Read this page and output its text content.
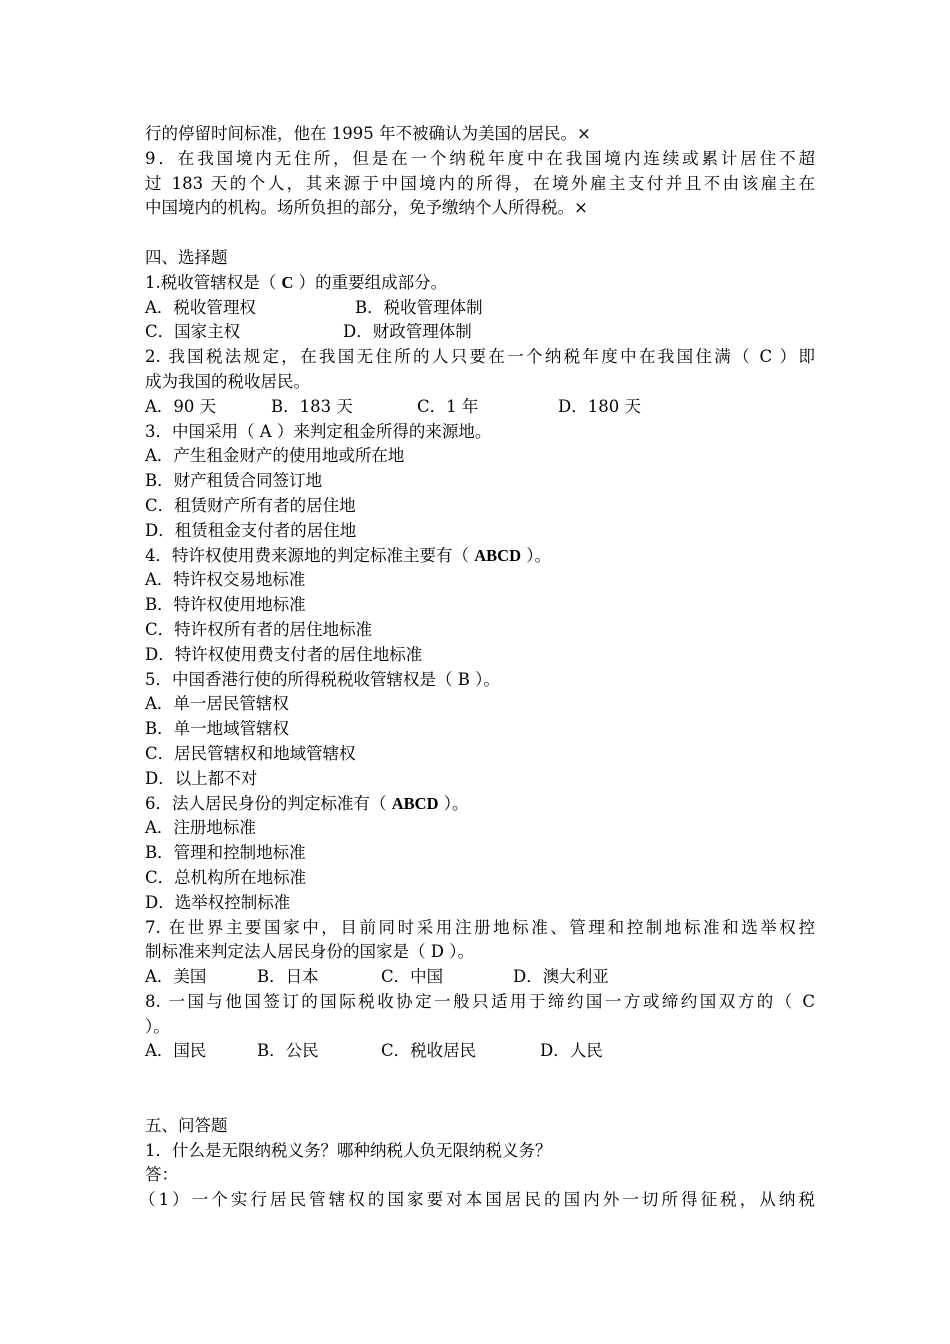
行的停留时间标准，他在 1995 年不被确认为美国的居民。×
9．在我国境内无住所，但是在一个纳税年度中在我国境内连续或累计居住不超
过 183 天的个人，其来源于中国境内的所得，在境外雇主支付并且不由该雇主在
中国境内的机构。场所负担的部分，免予缴纳个人所得税。×
四、选择题
1.税收管辖权是（ C ）的重要组成部分。
A．税收管理权	B．税收管理体制
C．国家主权	D．财政管理体制
2. 我国税法规定，在我国无住所的人只要在一个纳税年度中在我国住满（ C ）即
成为我国的税收居民。
A．90 天	B．183 天	C．1 年	D．180 天
3．中国采用（ A ）来判定租金所得的来源地。
A．产生租金财产的使用地或所在地
B．财产租赁合同签订地
C．租赁财产所有者的居住地
D．租赁租金支付者的居住地
4．特许权使用费来源地的判定标准主要有（ ABCD ）。
A．特许权交易地标准
B．特许权使用地标准
C．特许权所有者的居住地标准
D．特许权使用费支付者的居住地标准
5．中国香港行使的所得税税收管辖权是（ B ）。
A．单一居民管辖权
B．单一地域管辖权
C．居民管辖权和地域管辖权
D．以上都不对
6．法人居民身份的判定标准有（ ABCD ）。
A．注册地标准
B．管理和控制地标准
C．总机构所在地标准
D．选举权控制标准
7. 在世界主要国家中，目前同时采用注册地标准、管理和控制地标准和选举权控
制标准来判定法人居民身份的国家是（ D ）。
A．美国	B．日本	C．中国	D．澳大利亚
8. 一国与他国签订的国际税收协定一般只适用于缔约国一方或缔约国双方的（ C
）。
A．国民	B．公民	C．税收居民	D．人民
五、问答题
1．什么是无限纳税义务？哪种纳税人负无限纳税义务？
答：
（1）一个实行居民管辖权的国家要对本国居民的国内外一切所得征税，从纳税
